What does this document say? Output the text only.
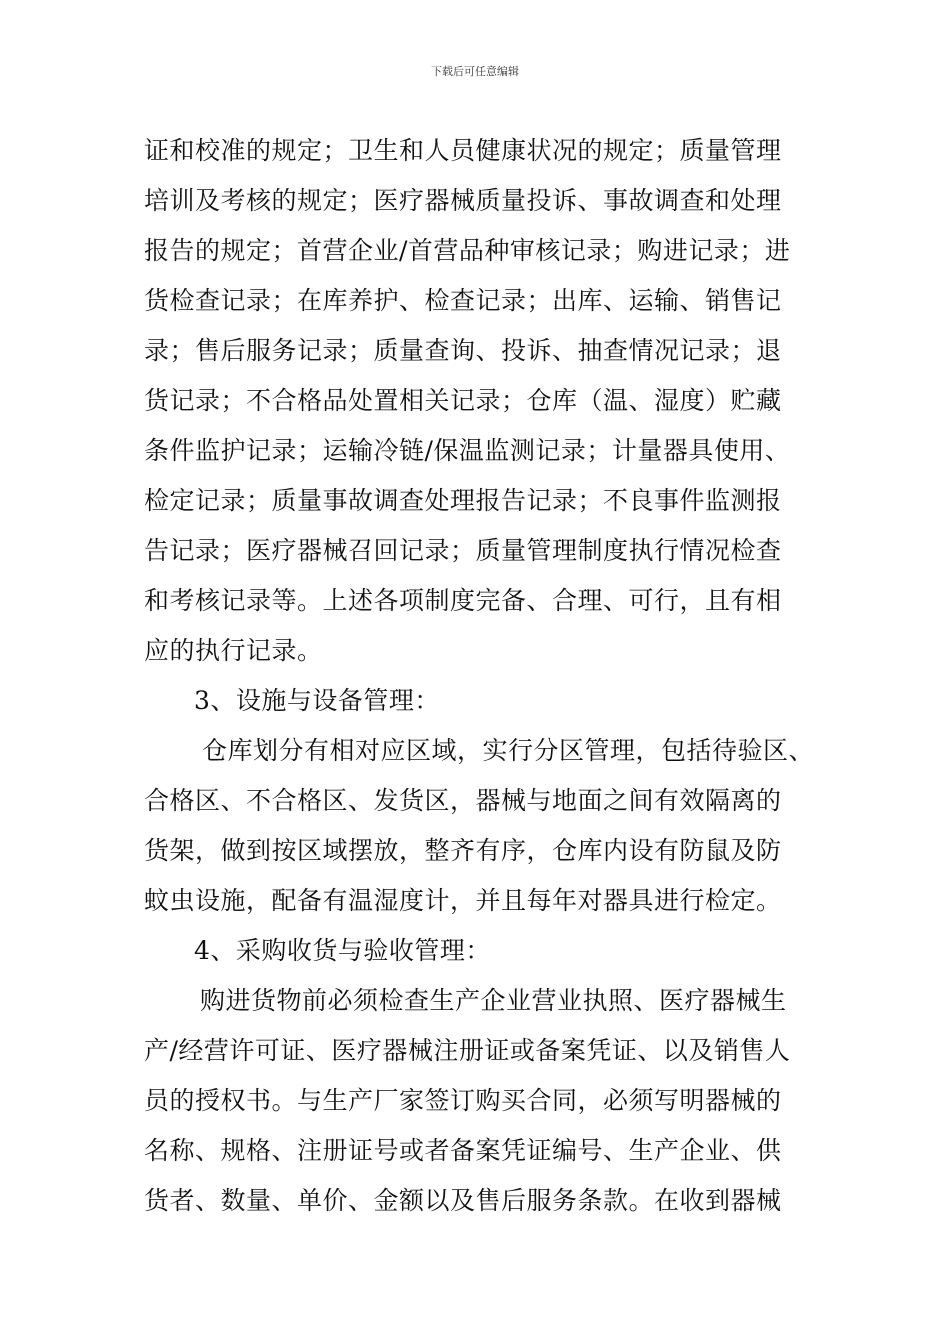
下载后可任意编辑
证和校准的规定；卫生和人员健康状况的规定；质量管理
培训及考核的规定；医疗器械质量投诉、事故调查和处理
报告的规定；首营企业/首营品种审核记录；购进记录；进
货检查记录；在库养护、检查记录；出库、运输、销售记
录；售后服务记录；质量查询、投诉、抽查情况记录；退
货记录；不合格品处置相关记录；仓库（温、湿度）贮藏
条件监护记录；运输冷链/保温监测记录；计量器具使用、
检定记录；质量事故调查处理报告记录；不良事件监测报
告记录；医疗器械召回记录；质量管理制度执行情况检查
和考核记录等。上述各项制度完备、合理、可行，且有相
应的执行记录。
3、设施与设备管理：
仓库划分有相对应区域，实行分区管理，包括待验区、
合格区、不合格区、发货区，器械与地面之间有效隔离的
货架，做到按区域摆放，整齐有序，仓库内设有防鼠及防
蚊虫设施，配备有温湿度计，并且每年对器具进行检定。
4、采购收货与验收管理：
购进货物前必须检查生产企业营业执照、医疗器械生
产/经营许可证、医疗器械注册证或备案凭证、以及销售人
员的授权书。与生产厂家签订购买合同，必须写明器械的
名称、规格、注册证号或者备案凭证编号、生产企业、供
货者、数量、单价、金额以及售后服务条款。在收到器械
